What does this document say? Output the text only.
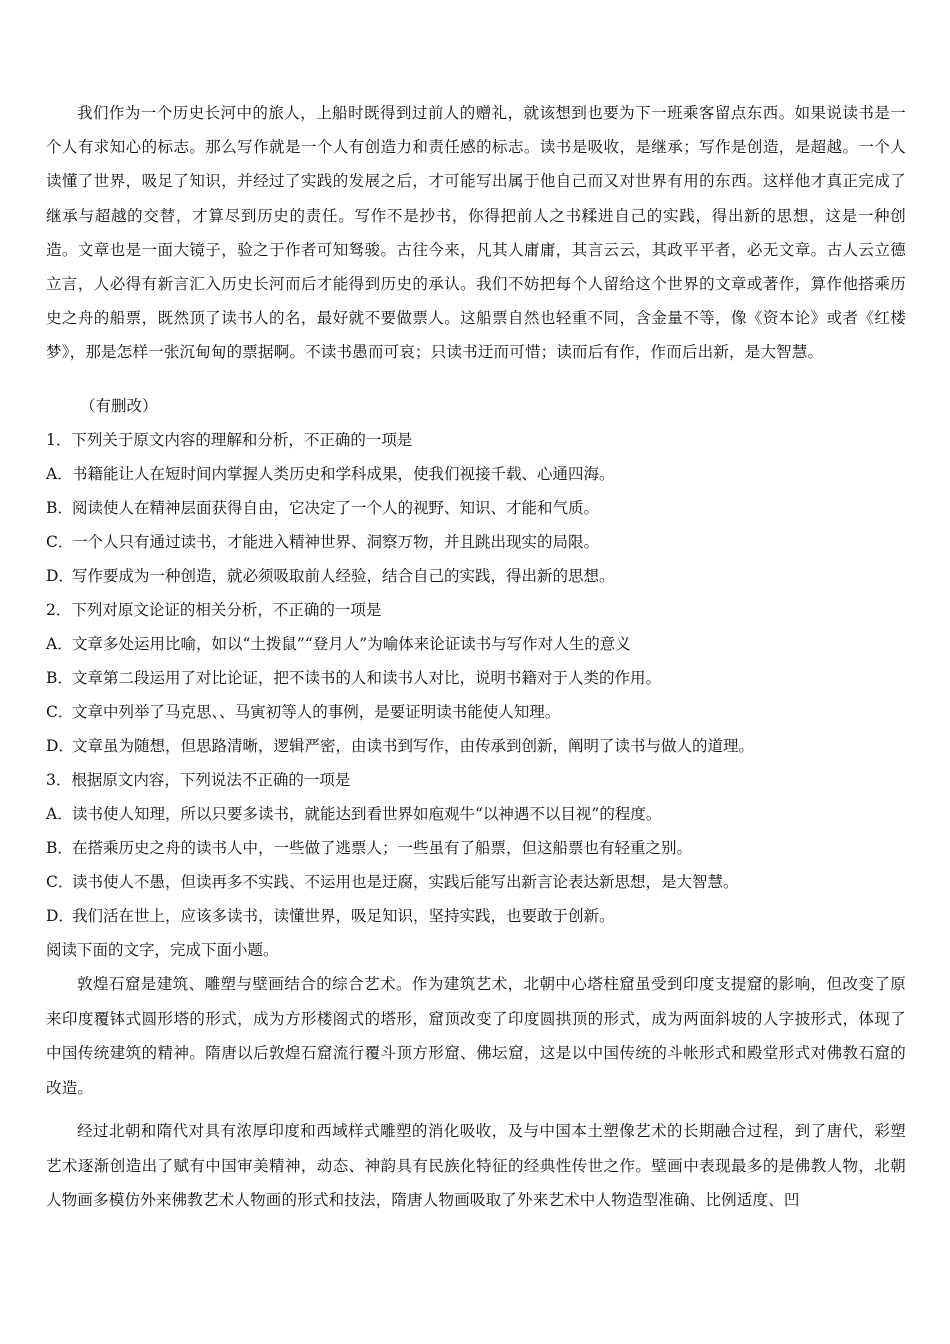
我们作为一个历史长河中的旅人，上船时既得到过前人的赠礼，就该想到也要为下一班乘客留点东西。如果说读书是一个人有求知心的标志。那么写作就是一个人有创造力和责任感的标志。读书是吸收，是继承；写作是创造，是超越。一个人读懂了世界，吸足了知识，并经过了实践的发展之后，才可能写出属于他自己而又对世界有用的东西。这样他才真正完成了继承与超越的交替，才算尽到历史的责任。写作不是抄书，你得把前人之书糅进自己的实践，得出新的思想，这是一种创造。文章也是一面大镜子，验之于作者可知驽骏。古往今来，凡其人庸庸，其言云云，其政平平者，必无文章。古人云立德立言，人必得有新言汇入历史长河而后才能得到历史的承认。我们不妨把每个人留给这个世界的文章或著作，算作他搭乘历史之舟的船票，既然顶了读书人的名，最好就不要做票人。这船票自然也轻重不同，含金量不等，像《资本论》或者《红楼梦》，那是怎样一张沉甸甸的票据啊。不读书愚而可哀；只读书迂而可惜；读而后有作，作而后出新，是大智慧。
（有删改）
1．下列关于原文内容的理解和分析，不正确的一项是
A．书籍能让人在短时间内掌握人类历史和学科成果，使我们视接千载、心通四海。
B．阅读使人在精神层面获得自由，它决定了一个人的视野、知识、才能和气质。
C．一个人只有通过读书，才能进入精神世界、洞察万物，并且跳出现实的局限。
D．写作要成为一种创造，就必须吸取前人经验，结合自己的实践，得出新的思想。
2．下列对原文论证的相关分析，不正确的一项是
A．文章多处运用比喻，如以“土拨鼠”“登月人”为喻体来论证读书与写作对人生的意义
B．文章第二段运用了对比论证，把不读书的人和读书人对比，说明书籍对于人类的作用。
C．文章中列举了马克思、、马寅初等人的事例，是要证明读书能使人知理。
D．文章虽为随想，但思路清晰，逻辑严密，由读书到写作，由传承到创新，阐明了读书与做人的道理。
3．根据原文内容，下列说法不正确的一项是
A．读书使人知理，所以只要多读书，就能达到看世界如庖观牛“以神遇不以目视”的程度。
B．在搭乘历史之舟的读书人中，一些做了逃票人；一些虽有了船票，但这船票也有轻重之别。
C．读书使人不愚，但读再多不实践、不运用也是迂腐，实践后能写出新言论表达新思想，是大智慧。
D．我们活在世上，应该多读书，读懂世界，吸足知识，坚持实践，也要敢于创新。
阅读下面的文字，完成下面小题。
敦煌石窟是建筑、雕塑与壁画结合的综合艺术。作为建筑艺术，北朝中心塔柱窟虽受到印度支提窟的影响，但改变了原来印度覆钵式圆形塔的形式，成为方形楼阁式的塔形，窟顶改变了印度圆拱顶的形式，成为两面斜坡的人字披形式，体现了中国传统建筑的精神。隋唐以后敦煌石窟流行覆斗顶方形窟、佛坛窟，这是以中国传统的斗帐形式和殿堂形式对佛教石窟的改造。
经过北朝和隋代对具有浓厚印度和西域样式雕塑的消化吸收，及与中国本土塑像艺术的长期融合过程，到了唐代，彩塑艺术逐渐创造出了赋有中国审美精神，动态、神韵具有民族化特征的经典性传世之作。壁画中表现最多的是佛教人物，北朝人物画多模仿外来佛教艺术人物画的形式和技法，隋唐人物画吸取了外来艺术中人物造型准确、比例适度、凹
